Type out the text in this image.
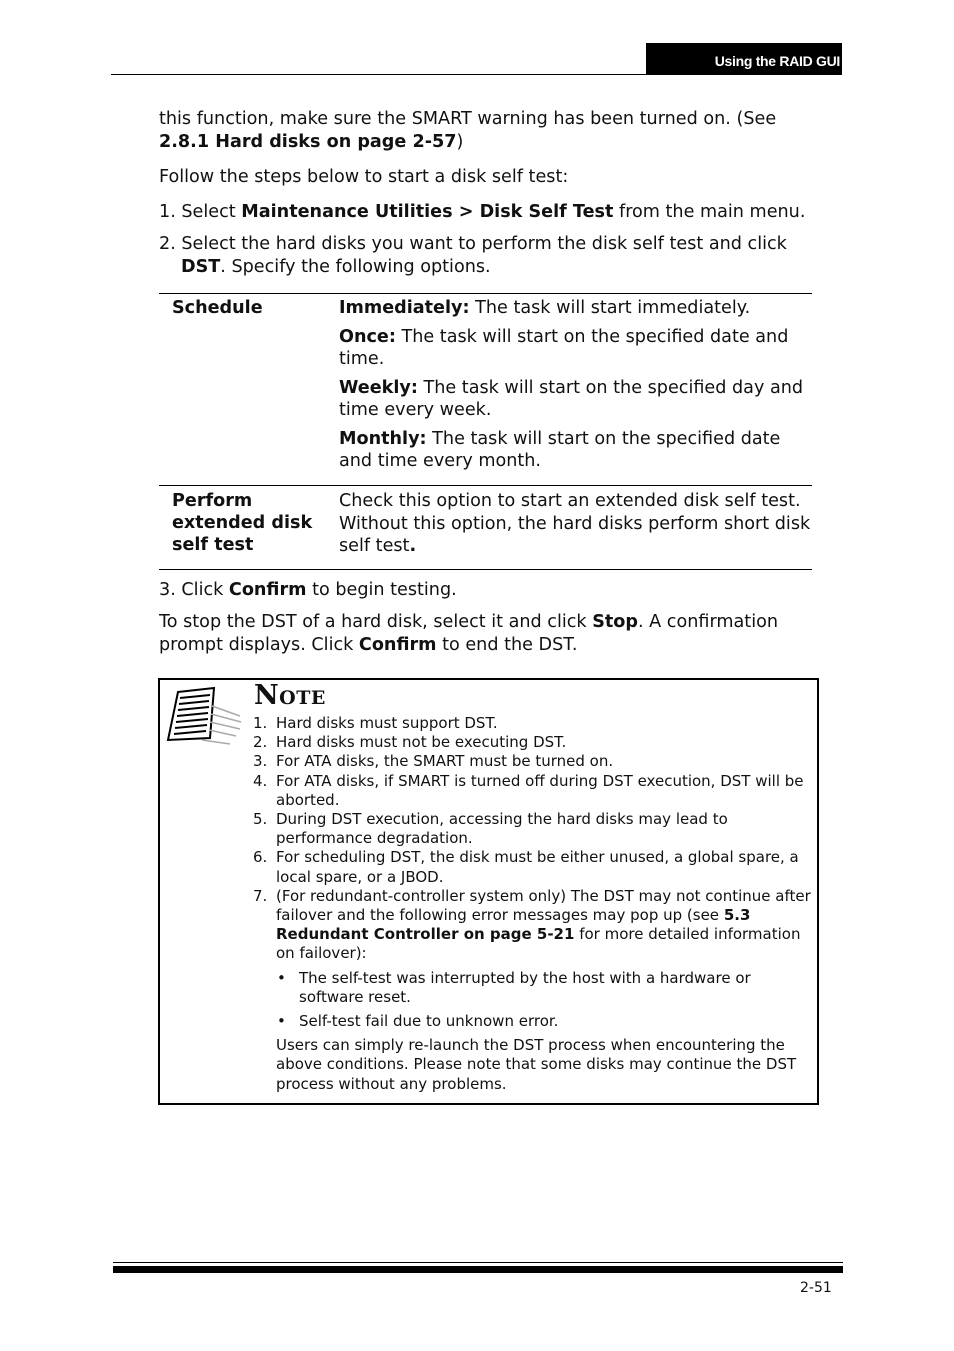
Using the RAID GUI
this function, make sure the SMART warning has been turned on. (See 2.8.1 Hard disks on page 2-57)
Follow the steps below to start a disk self test:
1. Select Maintenance Utilities > Disk Self Test from the main menu.
2. Select the hard disks you want to perform the disk self test and click
DST. Specify the following options.
Schedule	Immediately: The task will start immediately.
Once: The task will start on the specified date and time.
Weekly: The task will start on the specified day and time every week.
Monthly: The task will start on the specified date and time every month.
Perform extended disk self test
Check this option to start an extended disk self test. Without this option, the hard disks perform short disk self test.
3. Click Confirm to begin testing.
To stop the DST of a hard disk, select it and click Stop. A confirmation prompt displays. Click Confirm to end the DST.
Note
1. Hard disks must support DST.
2. Hard disks must not be executing DST.
3. For ATA disks, the SMART must be turned on.
4. For ATA disks, if SMART is turned off during DST execution, DST will be aborted.
5. During DST execution, accessing the hard disks may lead to performance degradation.
6. For scheduling DST, the disk must be either unused, a global spare, a local spare, or a JBOD.
7. (For redundant-controller system only) The DST may not continue after failover and the following error messages may pop up (see 5.3 Redundant Controller on page 5-21 for more detailed information on failover):
• The self-test was interrupted by the host with a hardware or software reset.
• Self-test fail due to unknown error.
Users can simply re-launch the DST process when encountering the above conditions. Please note that some disks may continue the DST process without any problems.
2-51
